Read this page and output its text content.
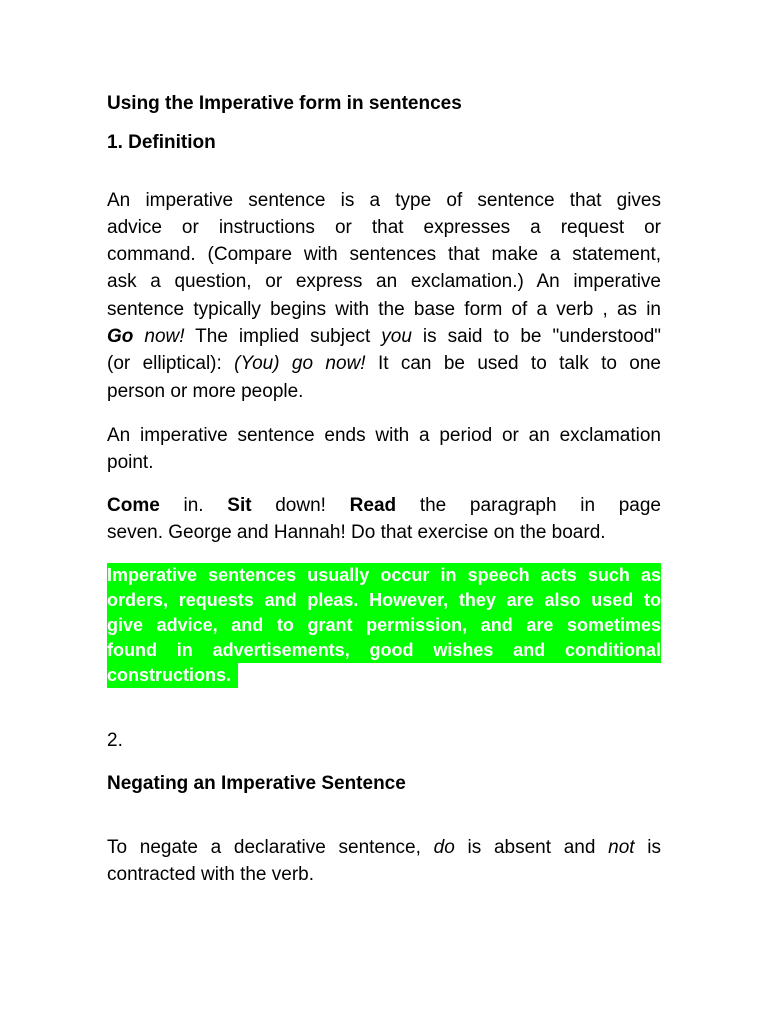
Using the Imperative form in sentences
1. Definition
An imperative sentence is a type of sentence that gives
advice or instructions or that expresses a request or
command. (Compare with sentences that make a statement,
ask a question, or express an exclamation.) An imperative
sentence typically begins with the base form of a verb , as in
Go now! The implied subject you is said to be "understood"
(or elliptical): (You) go now! It can be used to talk to one
person or more people.
An imperative sentence ends with a period or an exclamation
point.
Come in. Sit down! Read the paragraph in page
seven. George and Hannah! Do that exercise on the board.
Imperative sentences usually occur in speech acts such as
orders, requests and pleas. However, they are also used to
give advice, and to grant permission, and are sometimes
found in advertisements, good wishes and conditional
constructions.
2.
Negating an Imperative Sentence
To negate a declarative sentence, do is absent and not is
contracted with the verb.
